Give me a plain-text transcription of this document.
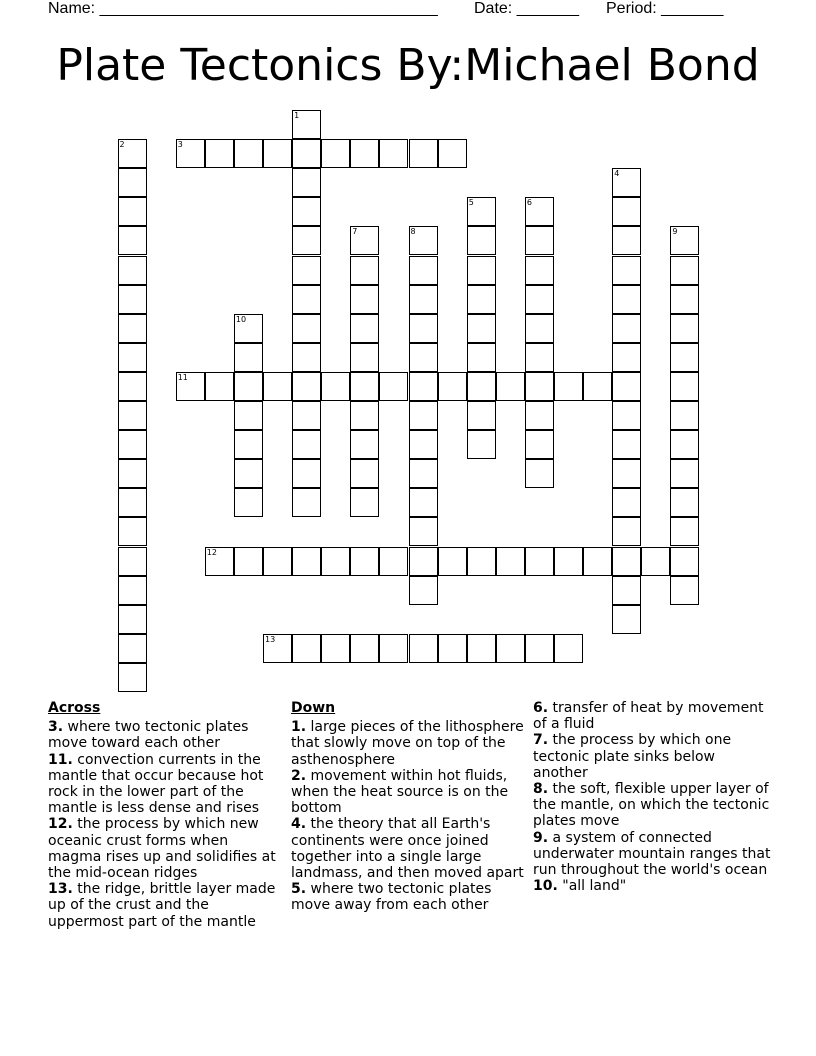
Name: ______________________________________

Date: _______

Period: _______

Plate Tectonics By:Michael Bond
1
2	3
4
5	6
7	8	9
10
11
12
13
Across
3. where two tectonic plates move toward each other
11. convection currents in the mantle that occur because hot rock in the lower part of the mantle is less dense and rises
12. the process by which new oceanic crust forms when magma rises up and solidifies at the mid-ocean ridges
13. the ridge, brittle layer made up of the crust and the uppermost part of the mantle
Down
1. large pieces of the lithosphere that slowly move on top of the asthenosphere
2. movement within hot fluids, when the heat source is on the bottom
4. the theory that all Earth's continents were once joined together into a single large landmass, and then moved apart
5. where two tectonic plates move away from each other
6. transfer of heat by movement of a fluid
7. the process by which one tectonic plate sinks below another
8. the soft, flexible upper layer of the mantle, on which the tectonic plates move
9. a system of connected underwater mountain ranges that run throughout the world's ocean
10. "all land"
